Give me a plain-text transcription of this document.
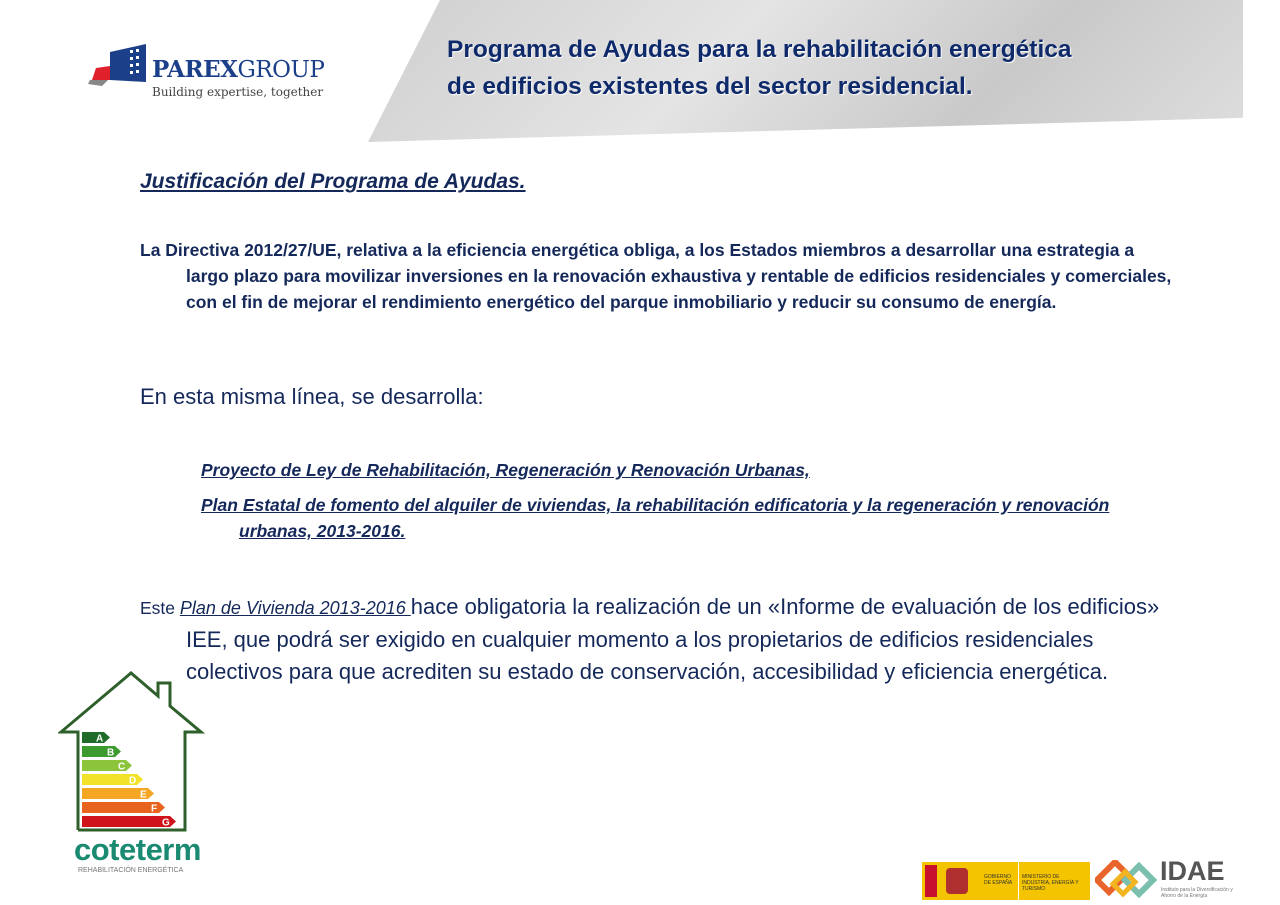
Programa de Ayudas para la rehabilitación energética
de edificios existentes del sector residencial.
PAREXGROUP
Building expertise, together
Justificación del Programa de Ayudas.
La Directiva 2012/27/UE, relativa a la eficiencia energética obliga, a los Estados miembros a desarrollar una estrategia a largo plazo para movilizar inversiones en la renovación exhaustiva y rentable de edificios residenciales y comerciales, con el fin de mejorar el rendimiento energético del parque inmobiliario y reducir su consumo de energía.
En esta misma línea, se desarrolla:
Proyecto de Ley de Rehabilitación, Regeneración y Renovación Urbanas,
Plan Estatal de fomento del alquiler de viviendas, la rehabilitación edificatoria y la regeneración y renovación urbanas, 2013-2016.
Este Plan de Vivienda 2013-2016 hace obligatoria la realización de un «Informe de evaluación de los edificios» IEE, que podrá ser exigido en cualquier momento a los propietarios de edificios residenciales colectivos para que acrediten su estado de conservación, accesibilidad y eficiencia energética.
A
B
C
D
E
F
G
coteterm
REHABILITACIÓN ENERGÉTICA
GOBIERNO DE ESPAÑA
MINISTERIO DE INDUSTRIA, ENERGÍA Y TURISMO
IDAE
Instituto para la Diversificación y Ahorro de la Energía
